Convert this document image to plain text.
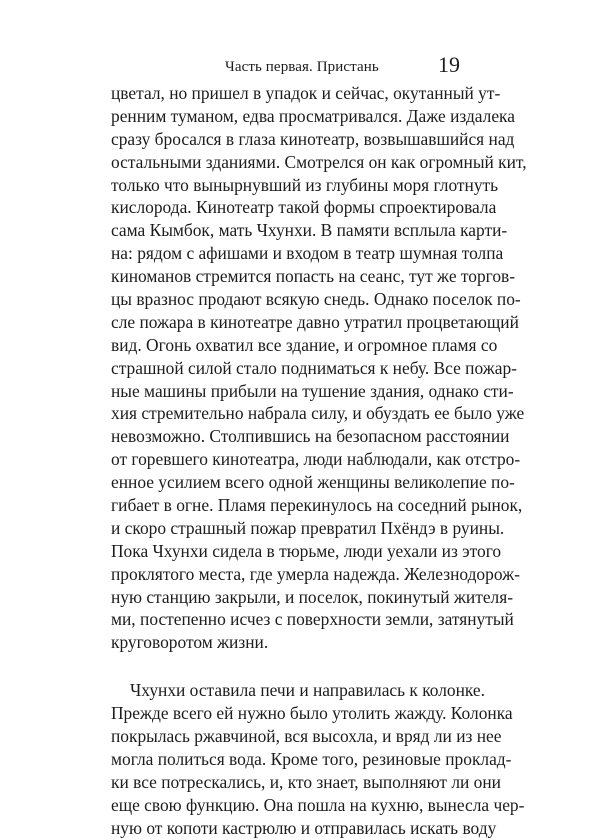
Часть первая. Пристань	19
цветал, но пришел в упадок и сейчас, окутанный ут-
ренним туманом, едва просматривался. Даже издалека
сразу бросался в глаза кинотеатр, возвышавшийся над
остальными зданиями. Смотрелся он как огромный кит,
только что вынырнувший из глубины моря глотнуть
кислорода. Кинотеатр такой формы спроектировала
сама Кымбок, мать Чхунхи. В памяти всплыла карти-
на: рядом с афишами и входом в театр шумная толпа
киноманов стремится попасть на сеанс, тут же торгов-
цы вразнос продают всякую снедь. Однако поселок по-
сле пожара в кинотеатре давно утратил процветающий
вид. Огонь охватил все здание, и огромное пламя со
страшной силой стало подниматься к небу. Все пожар-
ные машины прибыли на тушение здания, однако сти-
хия стремительно набрала силу, и обуздать ее было уже
невозможно. Столпившись на безопасном расстоянии
от горевшего кинотеатра, люди наблюдали, как отстро-
енное усилием всего одной женщины великолепие по-
гибает в огне. Пламя перекинулось на соседний рынок,
и скоро страшный пожар превратил Пхёндэ в руины.
Пока Чхунхи сидела в тюрьме, люди уехали из этого
проклятого места, где умерла надежда. Железнодорож-
ную станцию закрыли, и поселок, покинутый жителя-
ми, постепенно исчез с поверхности земли, затянутый
круговоротом жизни.
Чхунхи оставила печи и направилась к колонке.
Прежде всего ей нужно было утолить жажду. Колонка
покрылась ржавчиной, вся высохла, и вряд ли из нее
могла политься вода. Кроме того, резиновые проклад-
ки все потрескались, и, кто знает, выполняют ли они
еще свою функцию. Она пошла на кухню, вынесла чер-
ную от копоти кастрюлю и отправилась искать воду
